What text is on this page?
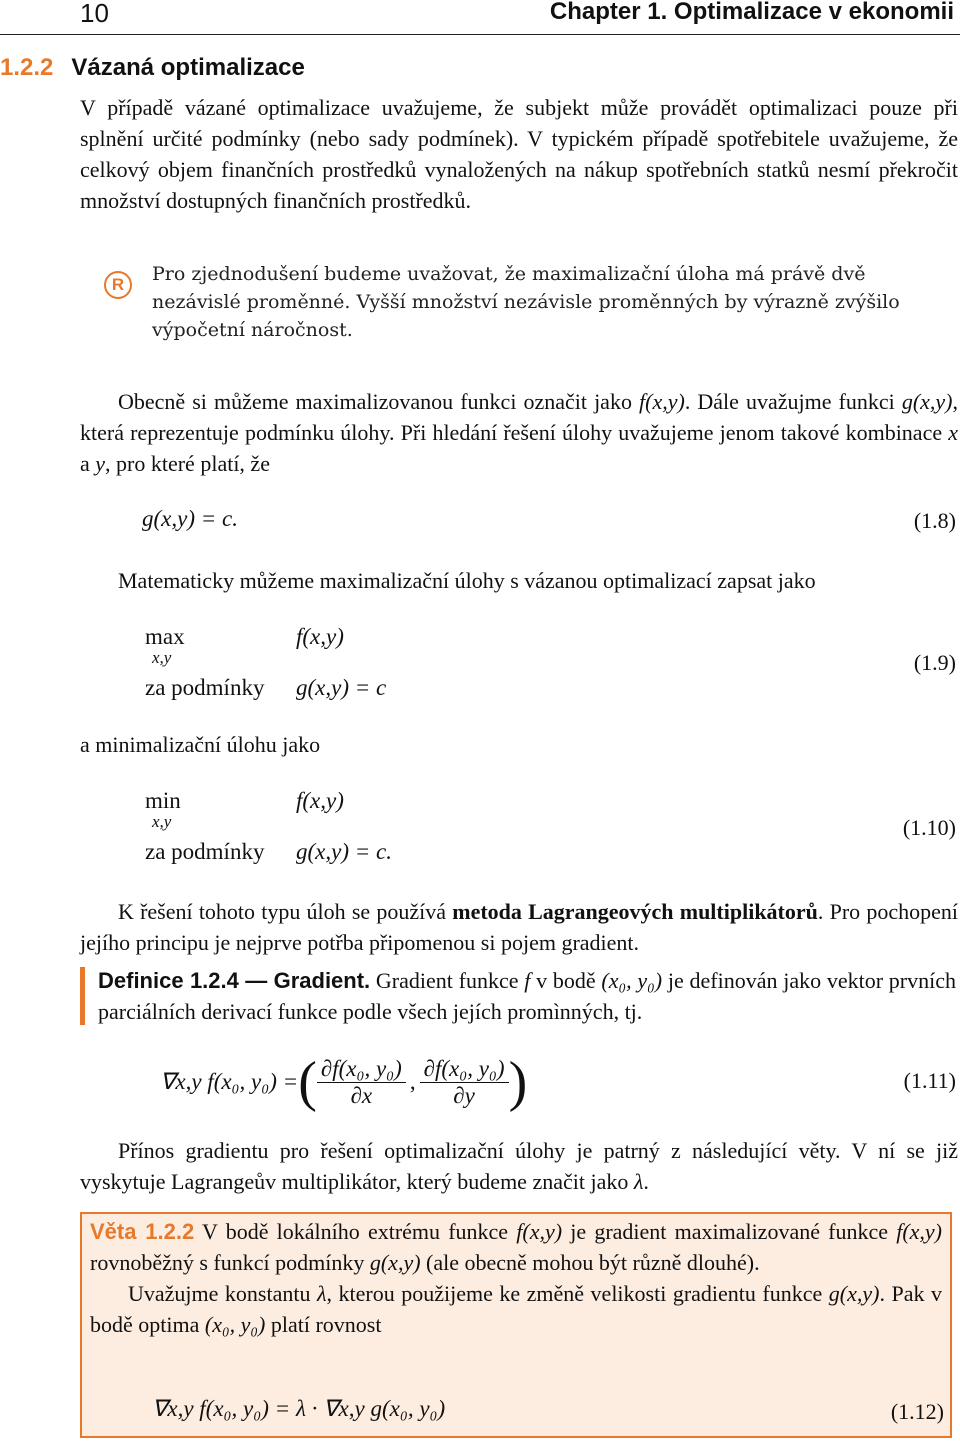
10	Chapter 1. Optimalizace v ekonomii
1.2.2 Vázaná optimalizace

V případě vázané optimalizace uvažujeme, že subjekt může provádět optimalizaci pouze při splnění určité podmínky (nebo sady podmínek). V typickém případě spotřebitele uvažujeme, že celkový objem finančních prostředků vynaložených na nákup spotřebních statků nesmí překročit množství dostupných finančních prostředků.

R	Pro zjednodušení budeme uvažovat, že maximalizační úloha má právě dvě nezávislé proměnné. Vyšší množství nezávisle proměnných by výrazně zvýšilo výpočetní náročnost.

Obecně si můžeme maximalizovanou funkci označit jako f(x,y). Dále uvažujme funkci g(x,y), která reprezentuje podmínku úlohy. Při hledání řešení úlohy uvažujeme jenom takové kombinace x a y, pro které platí, že

g(x,y) = c.	(1.8)

Matematicky můžeme maximalizační úlohy s vázanou optimalizací zapsat jako

max
x,y
f(x,y)
za podmínky g(x,y) = c
(1.9)

a minimalizační úlohu jako

min
x,y
f(x,y)
za podmínky g(x,y) = c.
(1.10)

K řešení tohoto typu úloh se používá metoda Lagrangeových multiplikátorů. Pro pochopení jejího principu je nejprve potřba připomenou si pojem gradient.

Definice 1.2.4 — Gradient. Gradient funkce f v bodě (x₀, y₀) je definován jako vektor prvních parciálních derivací funkce podle všech jejích promìnných, tj.

∇x,y f(x₀, y₀) = ( $\frac{\text{∂f(x₀, y₀)}}{\partial x}$ , $\frac{\text{∂f(x₀, y₀)}}{\partial y}$ )	(1.11)

Přínos gradientu pro řešení optimalizační úlohy je patrný z následující věty. V ní se již vyskytuje Lagrangeův multiplikátor, který budeme značit jako λ.

Věta 1.2.2 V bodě lokálního extrému funkce f(x,y) je gradient maximalizované funkce f(x,y) rovnoběžný s funkcí podmínky g(x,y) (ale obecně mohou být různě dlouhé).

Uvažujme konstantu λ, kterou použijeme ke změně velikosti gradientu funkce g(x,y). Pak v bodě optima (x₀, y₀) platí rovnost

∇x,y f(x₀, y₀) = λ · ∇x,y g(x₀, y₀)	(1.12)
